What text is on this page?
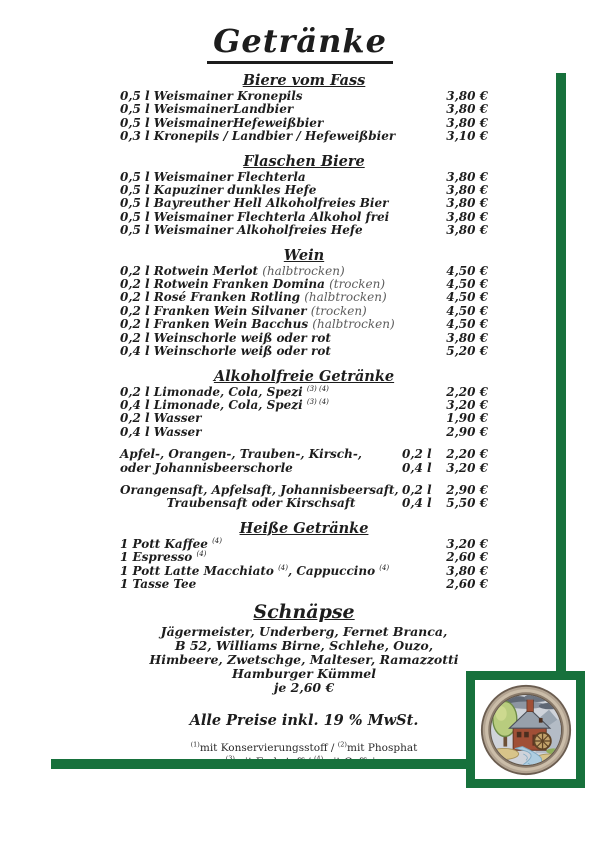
Getränke
Biere vom Fass
0,5 l Weismainer Kronepils	3,80 €
0,5 l WeismainerLandbier	3,80 €
0,5 l WeismainerHefeweißbier	3,80 €
0,3 l Kronepils / Landbier / Hefeweißbier	3,10 €
Flaschen Biere
0,5 l Weismainer Flechterla	3,80 €
0,5 l Kapuziner dunkles Hefe	3,80 €
0,5 l Bayreuther Hell Alkoholfreies Bier	3,80 €
0,5 l Weismainer Flechterla Alkohol frei	3,80 €
0,5 l Weismainer Alkoholfreies Hefe	3,80 €
Wein
0,2 l Rotwein Merlot (halbtrocken)	4,50 €
0,2 l Rotwein Franken Domina (trocken)	4,50 €
0,2 l Rosé Franken Rotling (halbtrocken)	4,50 €
0,2 l Franken Wein Silvaner (trocken)	4,50 €
0,2 l Franken Wein Bacchus (halbtrocken)	4,50 €
0,2 l Weinschorle weiß oder rot	3,80 €
0,4 l Weinschorle weiß oder rot	5,20 €
Alkoholfreie Getränke
0,2 l Limonade, Cola, Spezi $^{(3) (4)}$	2,20 €
0,4 l Limonade, Cola, Spezi $^{(3) (4)}$	3,20 €
0,2 l Wasser	1,90 €
0,4 l Wasser	2,90 €
Apfel-, Orangen-, Trauben-, Kirsch-,	0,2 l	2,20 €
oder Johannisbeerschorle	0,4 l	3,20 €
Orangensaft, Apfelsaft, Johannisbeersaft, 0,2 l	2,90 €
Traubensaft oder Kirschsaft	0,4 l	5,50 €
Heiße Getränke
1 Pott Kaffee $^{(4)}$	3,20 €
1 Espresso $^{(4)}$	2,60 €
1 Pott Latte Macchiato $^{(4)}$, Cappuccino $^{(4)}$	3,80 €
1 Tasse Tee	2,60 €
Schnäpse
Jägermeister, Underberg, Fernet Branca,
B 52, Williams Birne, Schlehe, Ouzo,
Himbeere, Zwetschge, Malteser, Ramazzotti
Hamburger Kümmel
je 2,60 €
Alle Preise inkl. 19 % MwSt.
$^{(1)}$mit Konservierungsstoff / $^{(2)}$mit Phosphat
